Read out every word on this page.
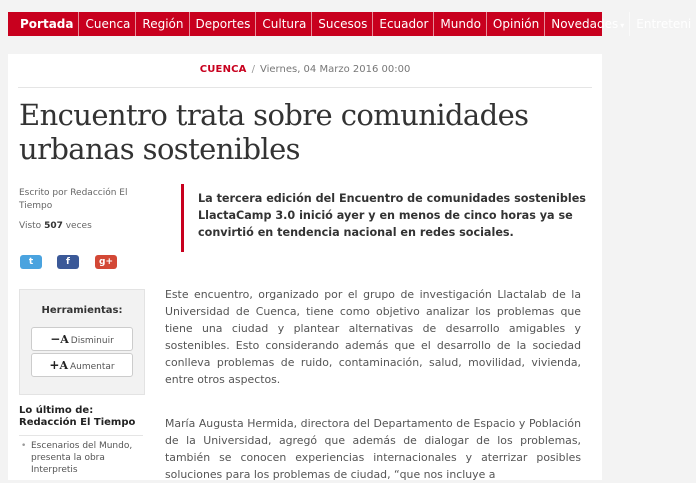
Portada Cuenca Región Deportes Cultura Sucesos Ecuador Mundo Opinión Novedades ▾ Entreteni
CUENCA / Viernes, 04 Marzo 2016 00:00
Encuentro trata sobre comunidades urbanas sostenibles
Escrito por Redacción El Tiempo
Visto 507 veces
t	f	g+
Herramientas:
−A Disminuir
+A Aumentar
Lo último de: Redacción El Tiempo
• Escenarios del Mundo, presenta la obra Interpretis
La tercera edición del Encuentro de comunidades sostenibles LlactaCamp 3.0 inició ayer y en menos de cinco horas ya se convirtió en tendencia nacional en redes sociales.

Este encuentro, organizado por el grupo de investigación Llactalab de la Universidad de Cuenca, tiene como objetivo analizar los problemas que tiene una ciudad y plantear alternativas de desarrollo amigables y sostenibles. Esto considerando además que el desarrollo de la sociedad conlleva problemas de ruido, contaminación, salud, movilidad, vivienda, entre otros aspectos.

María Augusta Hermida, directora del Departamento de Espacio y Población de la Universidad, agregó que además de dialogar de los problemas, también se conocen experiencias internacionales y aterrizar posibles soluciones para los problemas de ciudad, “que nos incluye a
